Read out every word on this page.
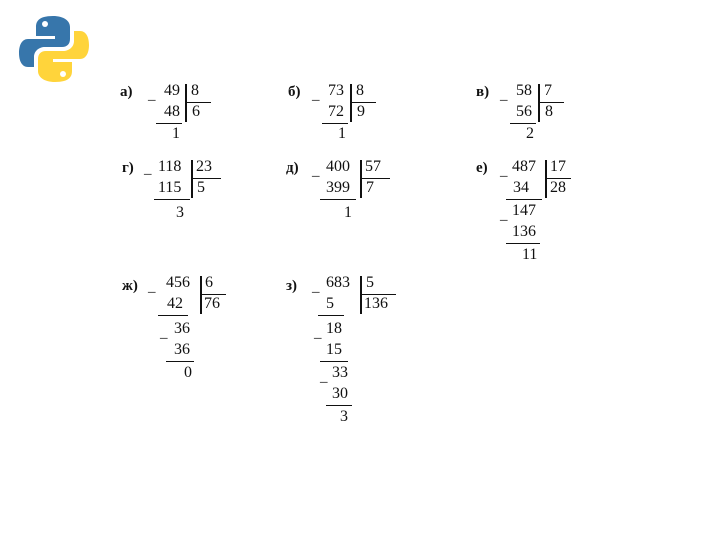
а) –
49 8
48 6
1
б) –
73 8
72 9
1
в) –
58 7
56 8
2
г) – 118 23
115 5
3
д) –
400 57
399 7
1
е) –
487 17
34 28
–
147
136
11
ж) –
456 6
42 76
–
36
36
0
з) –
683 5
5 136
–
18
15
–
33
30
3
